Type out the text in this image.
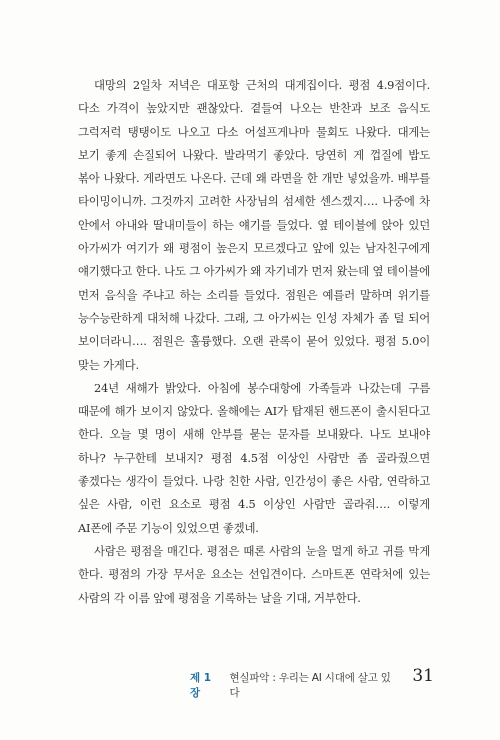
대망의 2일차 저녁은 대포항 근처의 대게집이다. 평점 4.9점이다. 다소 가격이 높았지만 괜찮았다. 곁들여 나오는 반찬과 보조 음식도 그럭저럭 탱탱이도 나오고 다소 어설프게나마 물회도 나왔다. 대게는 보기 좋게 손질되어 나왔다. 발라먹기 좋았다. 당연히 게 껍질에 밥도 볶아 나왔다. 게라면도 나온다. 근데 왜 라면을 한 개만 넣었을까. 배부를 타이밍이니까. 그것까지 고려한 사장님의 섬세한 센스겠지…. 나중에 차 안에서 아내와 딸내미들이 하는 얘기를 들었다. 옆 테이블에 앉아 있던 아가씨가 여기가 왜 평점이 높은지 모르겠다고 앞에 있는 남자친구에게 얘기했다고 한다. 나도 그 아가씨가 왜 자기네가 먼저 왔는데 옆 테이블에 먼저 음식을 주냐고 하는 소리를 들었다. 점원은 예를러 말하며 위기를 능수능란하게 대처해 나갔다. 그래, 그 아가씨는 인성 자체가 좀 덜 되어 보이더라니…. 점원은 훌륭했다. 오랜 관록이 묻어 있었다. 평점 5.0이 맞는 가게다.

24년 새해가 밝았다. 아침에 봉수대항에 가족들과 나갔는데 구름 때문에 해가 보이지 않았다. 올해에는 AI가 탑재된 핸드폰이 출시된다고 한다. 오늘 몇 명이 새해 안부를 묻는 문자를 보내왔다. 나도 보내야 하나? 누구한테 보내지? 평점 4.5점 이상인 사람만 좀 골라줬으면 좋겠다는 생각이 들었다. 나랑 친한 사람, 인간성이 좋은 사람, 연락하고 싶은 사람, 이런 요소로 평점 4.5 이상인 사람만 골라줘…. 이렇게 AI폰에 주문 기능이 있었으면 좋겠네.

사람은 평점을 매긴다. 평점은 때론 사람의 눈을 멀게 하고 귀를 막게 한다. 평점의 가장 무서운 요소는 선입견이다. 스마트폰 연락처에 있는 사람의 각 이름 앞에 평점을 기록하는 날을 기대, 거부한다.

제 1 장
현실파악 : 우리는 AI 시대에 살고 있다
31
